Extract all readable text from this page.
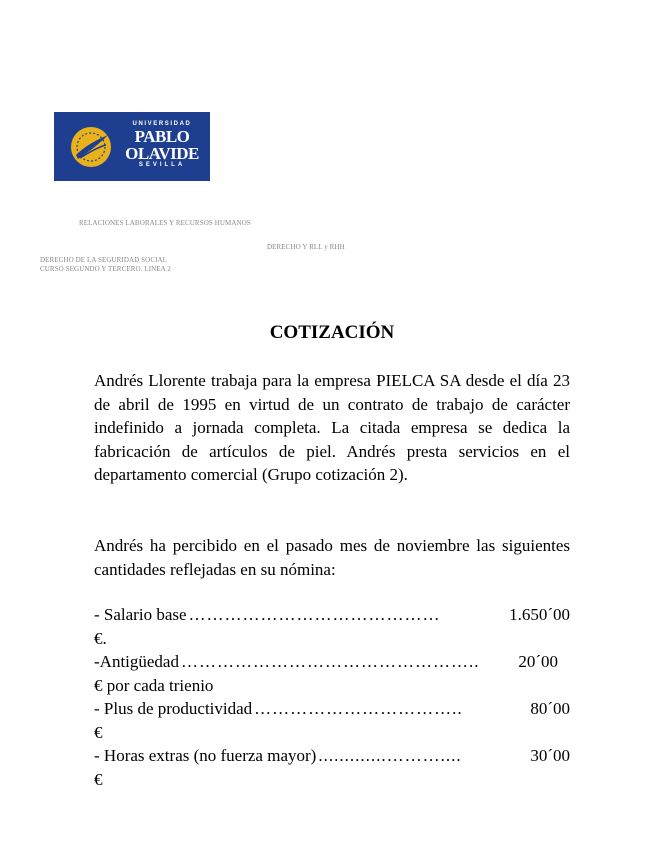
UNIVERSIDAD
PABLO
OLAVIDE
SEVILLA
RELACIONES LABORALES Y RECURSOS HUMANOS
DERECHO Y RLL y RHH
DERECHO DE LA SEGURIDAD SOCIAL
CURSO SEGUNDO Y TERCERO. LINEA 2
COTIZACIÓN
Andrés Llorente trabaja para la empresa PIELCA SA desde el día 23 de abril de 1995 en virtud de un contrato de trabajo de carácter indefinido a jornada completa. La citada empresa se dedica la fabricación de artículos de piel. Andrés presta servicios en el departamento comercial (Grupo cotización 2).
Andrés ha percibido en el pasado mes de noviembre las siguientes cantidades reflejadas en su nómina:
- Salario base ……………………………………	1.650´00
€.
-Antigüedad …………………………………………..	20´00
€ por cada trienio
- Plus de productividad ……………………………..	80´00
€
- Horas extras (no fuerza mayor) .............………....	30´00
€
